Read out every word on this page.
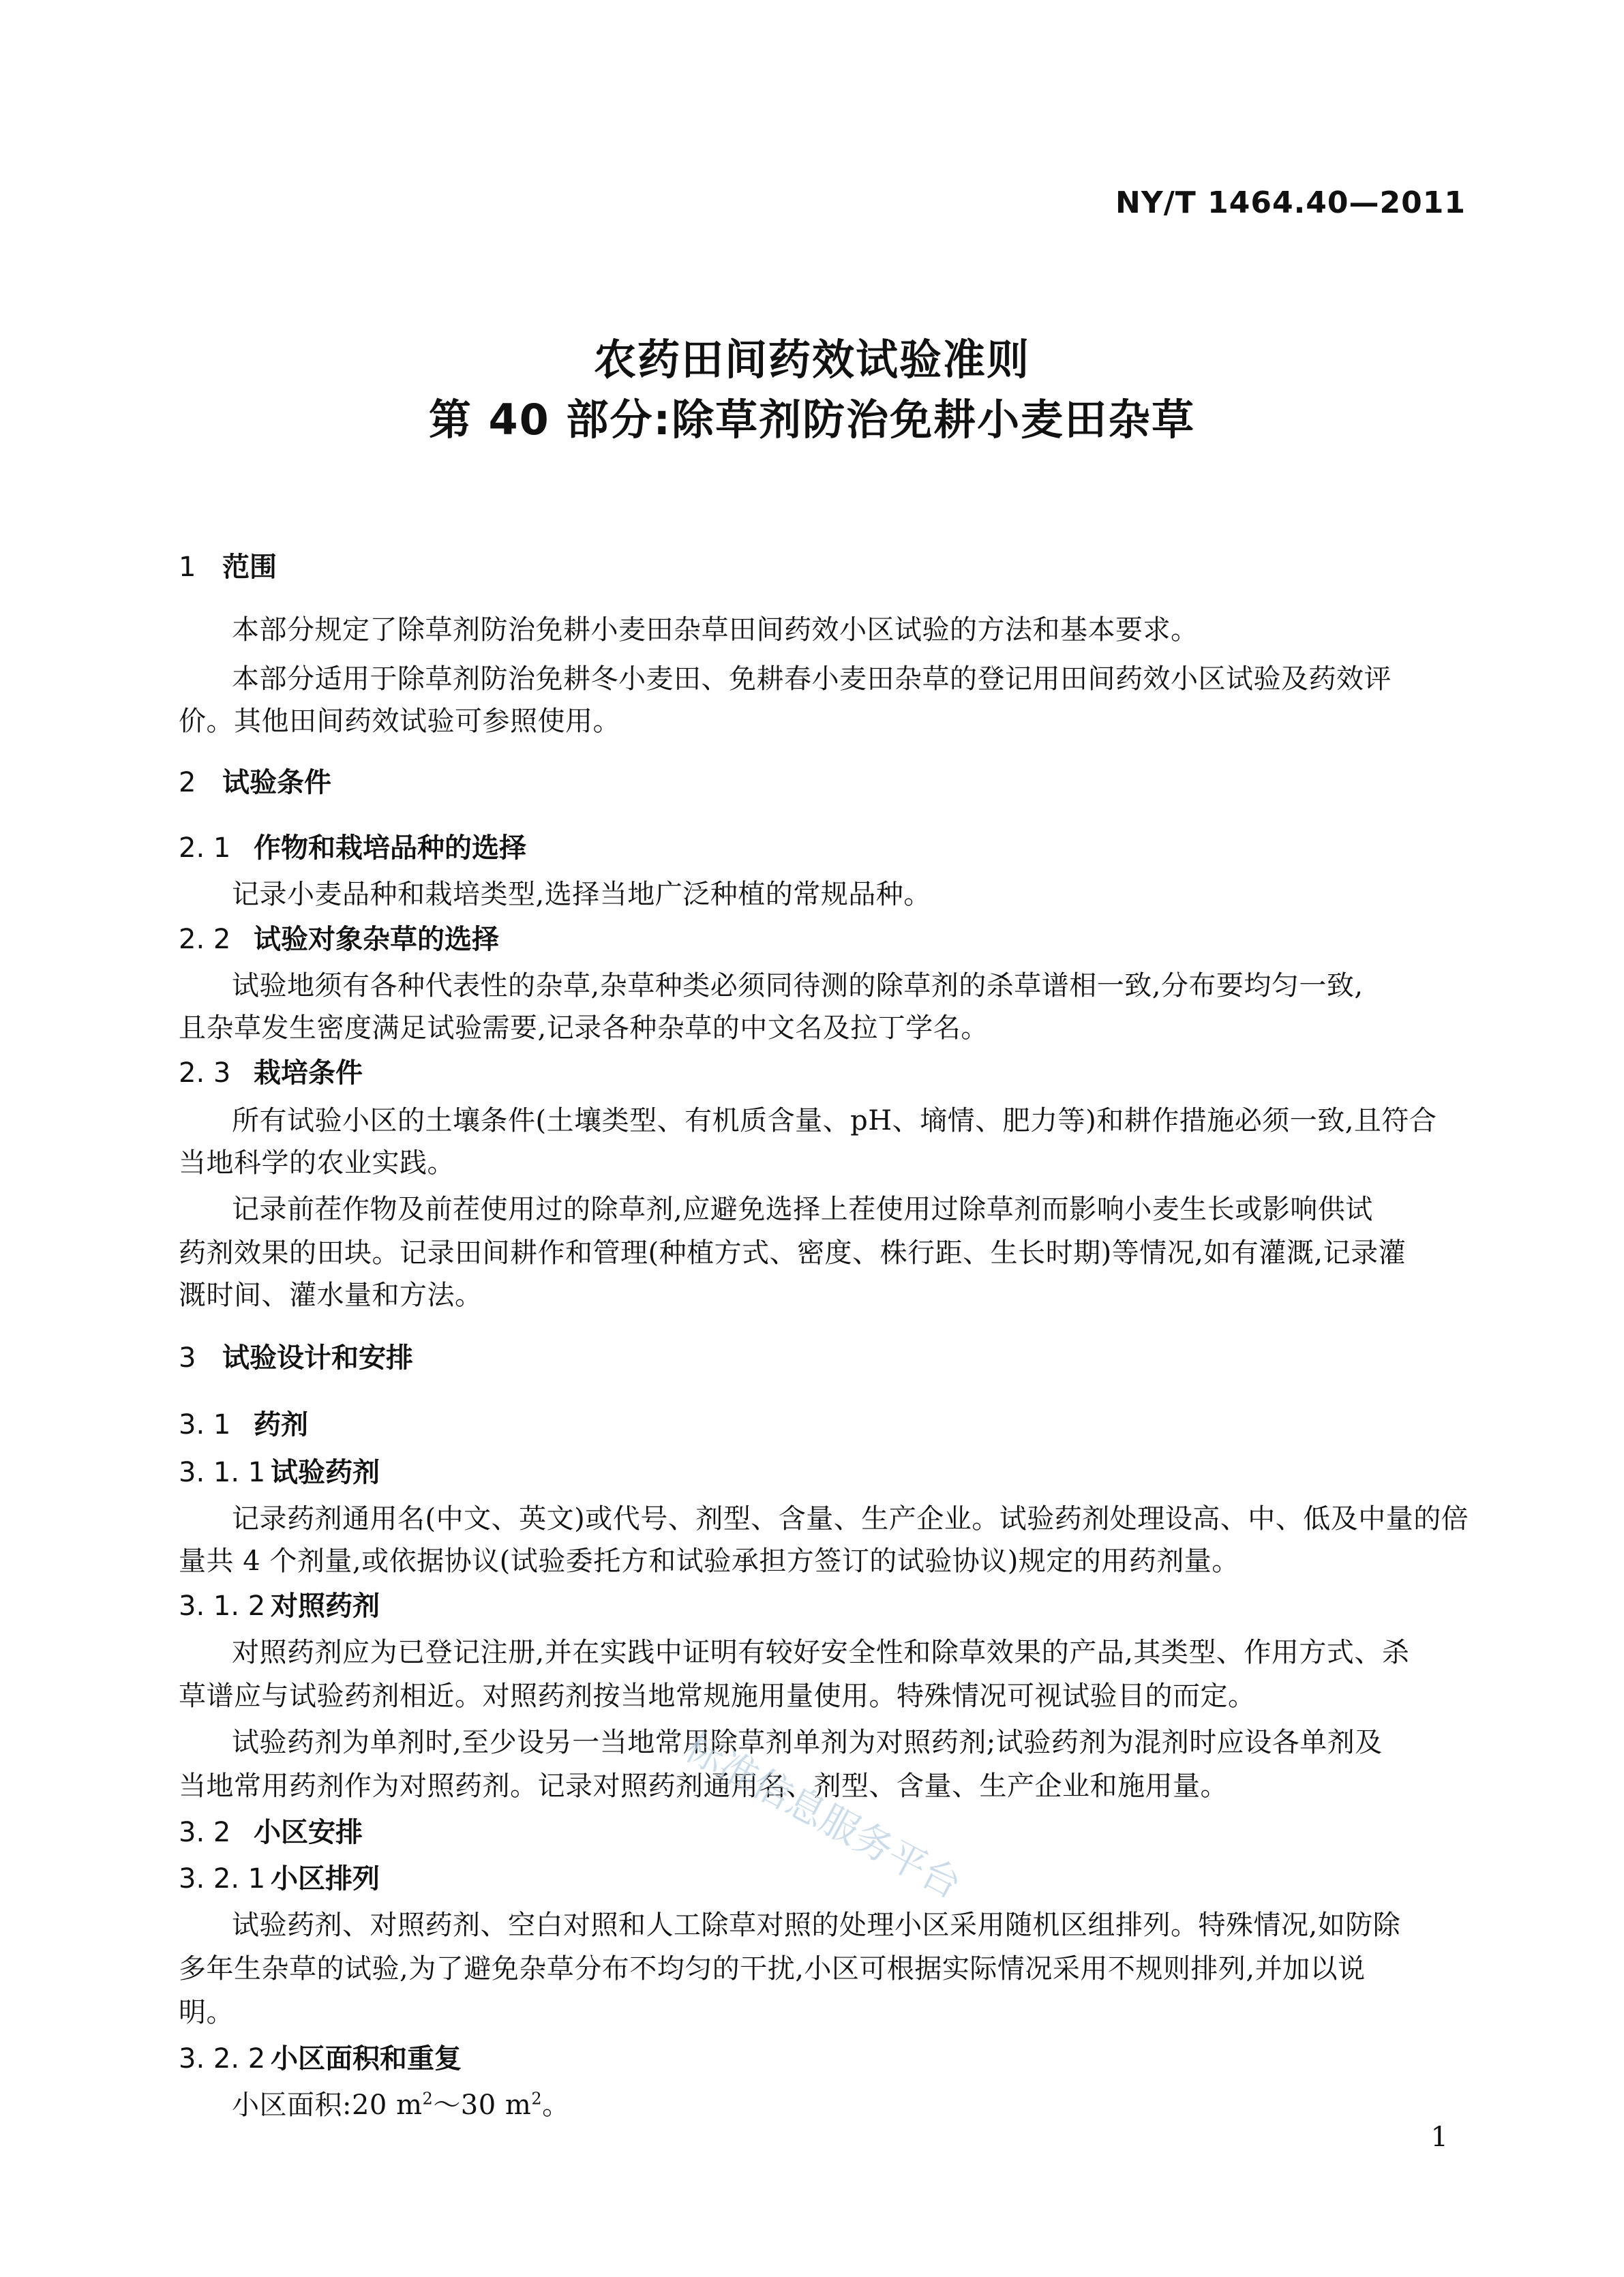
NY/T 1464.40—2011
农药田间药效试验准则
第 40 部分:除草剂防治免耕小麦田杂草
1 范围
本部分规定了除草剂防治免耕小麦田杂草田间药效小区试验的方法和基本要求。
本部分适用于除草剂防治免耕冬小麦田、免耕春小麦田杂草的登记用田间药效小区试验及药效评
价。其他田间药效试验可参照使用。
2 试验条件
2. 1 作物和栽培品种的选择
记录小麦品种和栽培类型,选择当地广泛种植的常规品种。
2. 2 试验对象杂草的选择
试验地须有各种代表性的杂草,杂草种类必须同待测的除草剂的杀草谱相一致,分布要均匀一致,
且杂草发生密度满足试验需要,记录各种杂草的中文名及拉丁学名。
2. 3 栽培条件
所有试验小区的土壤条件(土壤类型、有机质含量、pH、墒情、肥力等)和耕作措施必须一致,且符合
当地科学的农业实践。
记录前茬作物及前茬使用过的除草剂,应避免选择上茬使用过除草剂而影响小麦生长或影响供试
药剂效果的田块。记录田间耕作和管理(种植方式、密度、株行距、生长时期)等情况,如有灌溉,记录灌
溉时间、灌水量和方法。
3 试验设计和安排
3. 1 药剂
3. 1. 1 试验药剂
记录药剂通用名(中文、英文)或代号、剂型、含量、生产企业。试验药剂处理设高、中、低及中量的倍
量共 4 个剂量,或依据协议(试验委托方和试验承担方签订的试验协议)规定的用药剂量。
3. 1. 2 对照药剂
对照药剂应为已登记注册,并在实践中证明有较好安全性和除草效果的产品,其类型、作用方式、杀
草谱应与试验药剂相近。对照药剂按当地常规施用量使用。特殊情况可视试验目的而定。
试验药剂为单剂时,至少设另一当地常用除草剂单剂为对照药剂;试验药剂为混剂时应设各单剂及
当地常用药剂作为对照药剂。记录对照药剂通用名、剂型、含量、生产企业和施用量。
3. 2 小区安排
3. 2. 1 小区排列
试验药剂、对照药剂、空白对照和人工除草对照的处理小区采用随机区组排列。特殊情况,如防除
多年生杂草的试验,为了避免杂草分布不均匀的干扰,小区可根据实际情况采用不规则排列,并加以说
明。
3. 2. 2 小区面积和重复
小区面积:20 $m^2\sim 30$ $m^2$。
标准信息服务平台
1
